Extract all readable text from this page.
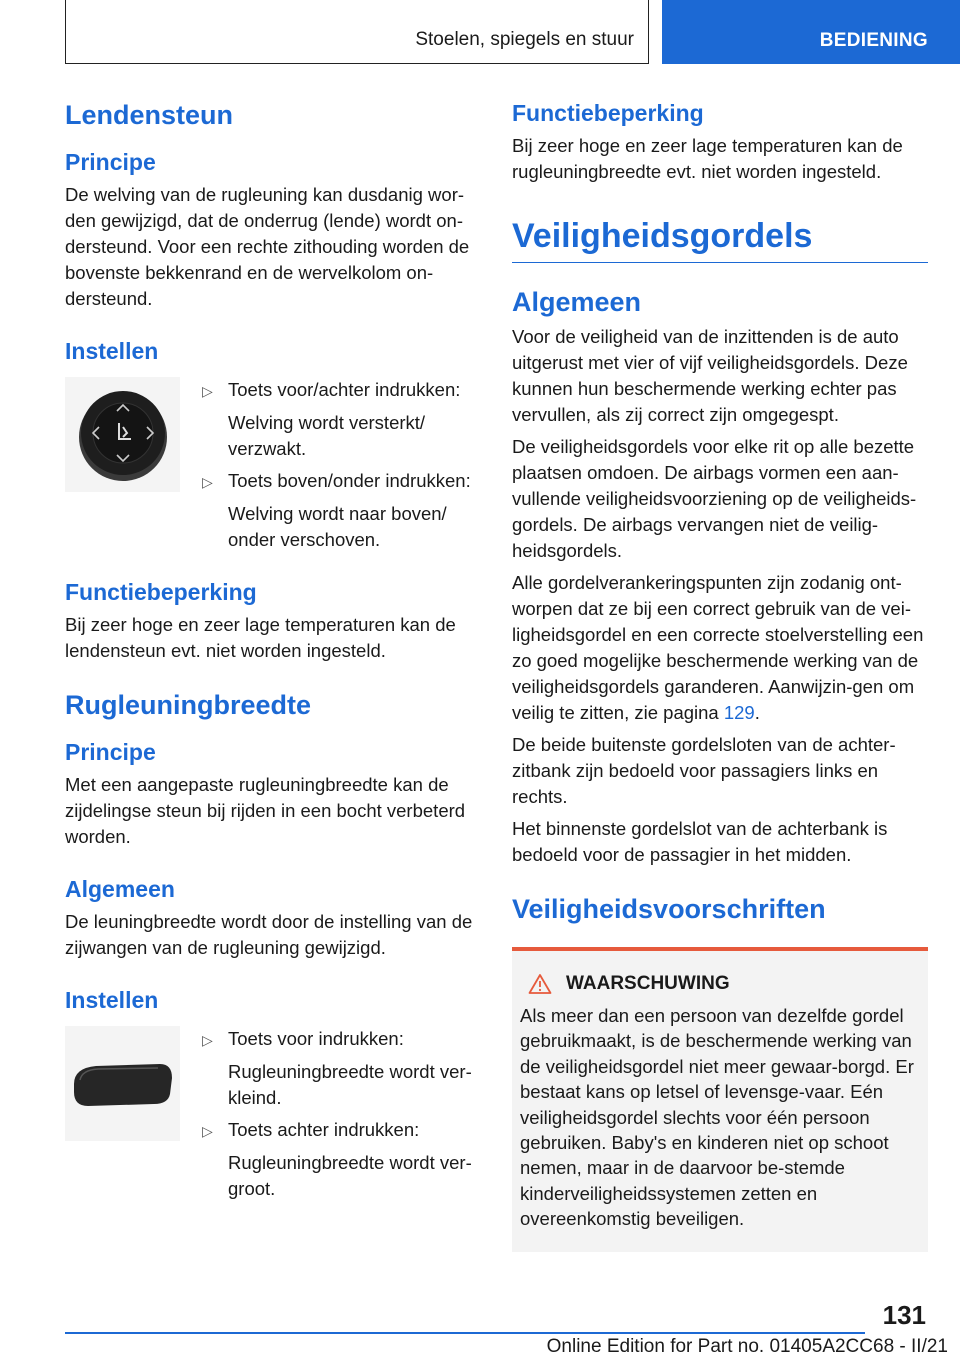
Stoelen, spiegels en stuur	BEDIENING
Lendensteun
Principe

De welving van de rugleuning kan dusdanig wor-den gewijzigd, dat de onderrug (lende) wordt on-dersteund. Voor een rechte zithouding worden de bovenste bekkenrand en de wervelkolom on-dersteund.

Instellen
▷ Toets voor/achter indrukken:
Welving wordt versterkt/ verzwakt.
▷ Toets boven/onder indrukken:
Welving wordt naar boven/ onder verschoven.
Functiebeperking

Bij zeer hoge en zeer lage temperaturen kan de lendensteun evt. niet worden ingesteld.

Rugleuningbreedte
Principe

Met een aangepaste rugleuningbreedte kan de zijdelingse steun bij rijden in een bocht verbeterd worden.

Algemeen

De leuningbreedte wordt door de instelling van de zijwangen van de rugleuning gewijzigd.

Instellen
▷ Toets voor indrukken:
Rugleuningbreedte wordt ver-kleind.
▷ Toets achter indrukken:
Rugleuningbreedte wordt ver-groot.
Functiebeperking

Bij zeer hoge en zeer lage temperaturen kan de rugleuningbreedte evt. niet worden ingesteld.

Veiligheidsgordels
Algemeen

Voor de veiligheid van de inzittenden is de auto uitgerust met vier of vijf veiligheidsgordels. Deze kunnen hun beschermende werking echter pas vervullen, als zij correct zijn omgegespt.

De veiligheidsgordels voor elke rit op alle bezette plaatsen omdoen. De airbags vormen een aan-vullende veiligheidsvoorziening op de veiligheids-gordels. De airbags vervangen niet de veilig-heidsgordels.

Alle gordelverankeringspunten zijn zodanig ont-worpen dat ze bij een correct gebruik van de vei-ligheidsgordel en een correcte stoelverstelling een zo goed mogelijke beschermende werking van de veiligheidsgordels garanderen. Aanwijzin-gen om veilig te zitten, zie pagina 129.

De beide buitenste gordelsloten van de achter-zitbank zijn bedoeld voor passagiers links en rechts.

Het binnenste gordelslot van de achterbank is bedoeld voor de passagier in het midden.

Veiligheidsvoorschriften
WAARSCHUWING

Als meer dan een persoon van dezelfde gordel gebruikmaakt, is de beschermende werking van de veiligheidsgordel niet meer gewaar-borgd. Er bestaat kans op letsel of levensge-vaar. Eén veiligheidsgordel slechts voor één persoon gebruiken. Baby's en kinderen niet op schoot nemen, maar in de daarvoor be-stemde kinderveiligheidssystemen zetten en overeenkomstig beveiligen.

131
Online Edition for Part no. 01405A2CC68 - II/21
